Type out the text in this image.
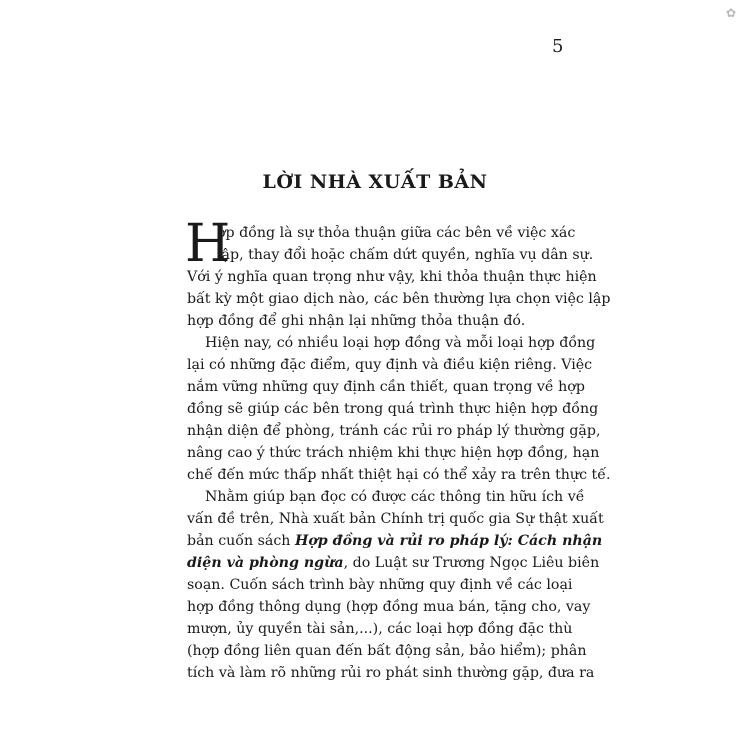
✿
5
LỜI NHÀ XUẤT BẢN
H
ợp đồng là sự thỏa thuận giữa các bên về việc xác
lập, thay đổi hoặc chấm dứt quyền, nghĩa vụ dân sự.
Với ý nghĩa quan trọng như vậy, khi thỏa thuận thực hiện
bất kỳ một giao dịch nào, các bên thường lựa chọn việc lập
hợp đồng để ghi nhận lại những thỏa thuận đó.
Hiện nay, có nhiều loại hợp đồng và mỗi loại hợp đồng
lại có những đặc điểm, quy định và điều kiện riêng. Việc
nắm vững những quy định cần thiết, quan trọng về hợp
đồng sẽ giúp các bên trong quá trình thực hiện hợp đồng
nhận diện để phòng, tránh các rủi ro pháp lý thường gặp,
nâng cao ý thức trách nhiệm khi thực hiện hợp đồng, hạn
chế đến mức thấp nhất thiệt hại có thể xảy ra trên thực tế.
Nhằm giúp bạn đọc có được các thông tin hữu ích về
vấn đề trên, Nhà xuất bản Chính trị quốc gia Sự thật xuất
bản cuốn sách Hợp đồng và rủi ro pháp lý: Cách nhận
diện và phòng ngừa, do Luật sư Trương Ngọc Liêu biên
soạn. Cuốn sách trình bày những quy định về các loại
hợp đồng thông dụng (hợp đồng mua bán, tặng cho, vay
mượn, ủy quyền tài sản,...), các loại hợp đồng đặc thù
(hợp đồng liên quan đến bất động sản, bảo hiểm); phân
tích và làm rõ những rủi ro phát sinh thường gặp, đưa ra
